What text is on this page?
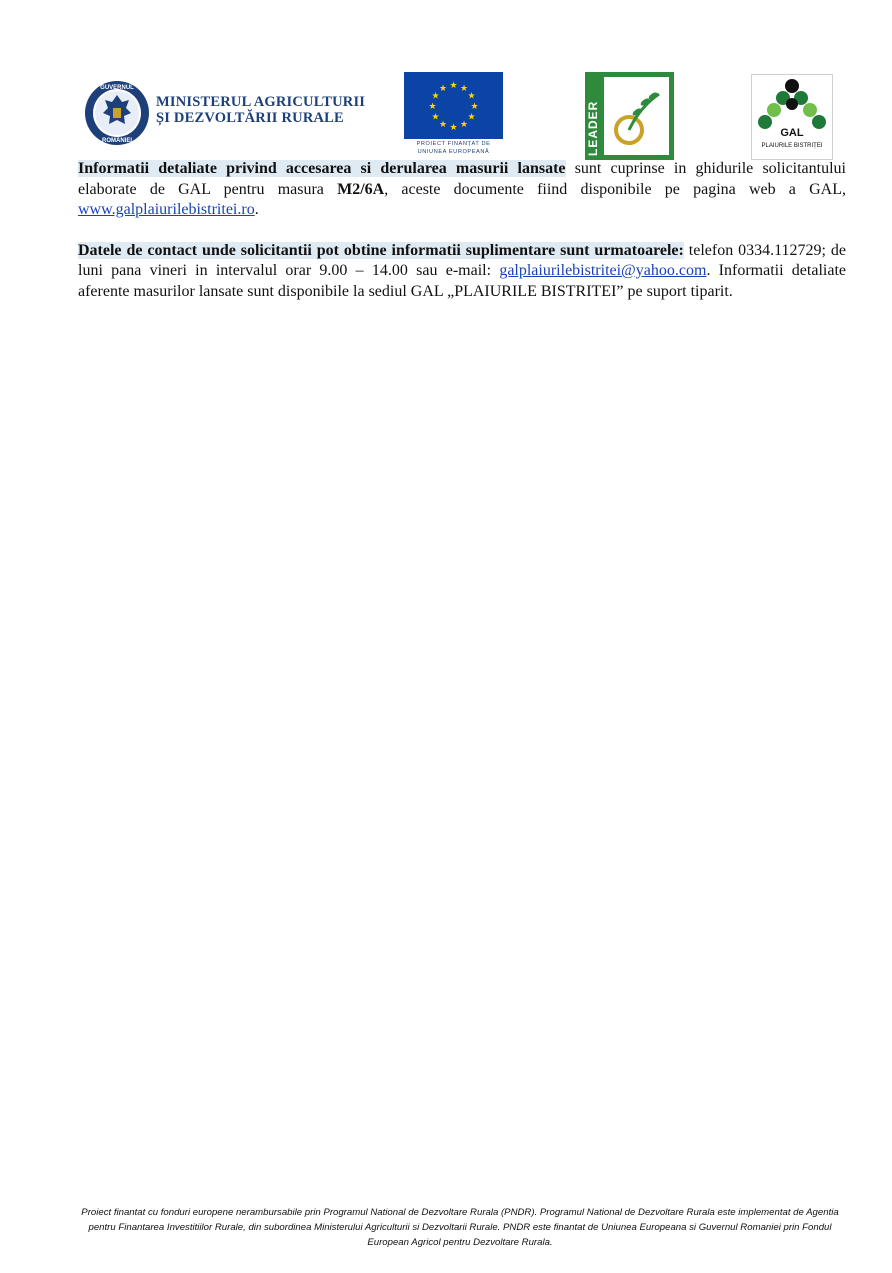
GUVERNUL
ROMÂNIEI
MINISTERUL AGRICULTURII
ȘI DEZVOLTĂRII RURALE
★ ★
★
★
★
★
★
★
★
★
★
★
PROIECT FINANȚAT DE
UNIUNEA EUROPEANĂ	LEADER	GAL
PLAIURILE BISTRIȚEI

Informatii detaliate privind accesarea si derularea masurii lansate sunt cuprinse in ghidurile solicitantului elaborate de GAL pentru masura M2/6A, aceste documente fiind disponibile pe pagina web a GAL, www.galplaiurilebistritei.ro.

Datele de contact unde solicitantii pot obtine informatii suplimentare sunt urmatoarele: telefon 0334.112729; de luni pana vineri in intervalul orar 9.00 – 14.00 sau e-mail: galplaiurilebistritei@yahoo.com. Informatii detaliate aferente masurilor lansate sunt disponibile la sediul GAL „PLAIURILE BISTRITEI” pe suport tiparit.

Proiect finantat cu fonduri europene nerambursabile prin Programul National de Dezvoltare Rurala (PNDR). Programul National de Dezvoltare Rurala este implementat de Agentia pentru Finantarea Investitiilor Rurale, din subordinea Ministerului Agriculturii si Dezvoltarii Rurale. PNDR este finantat de Uniunea Europeana si Guvernul Romaniei prin Fondul European Agricol pentru Dezvoltare Rurala.
